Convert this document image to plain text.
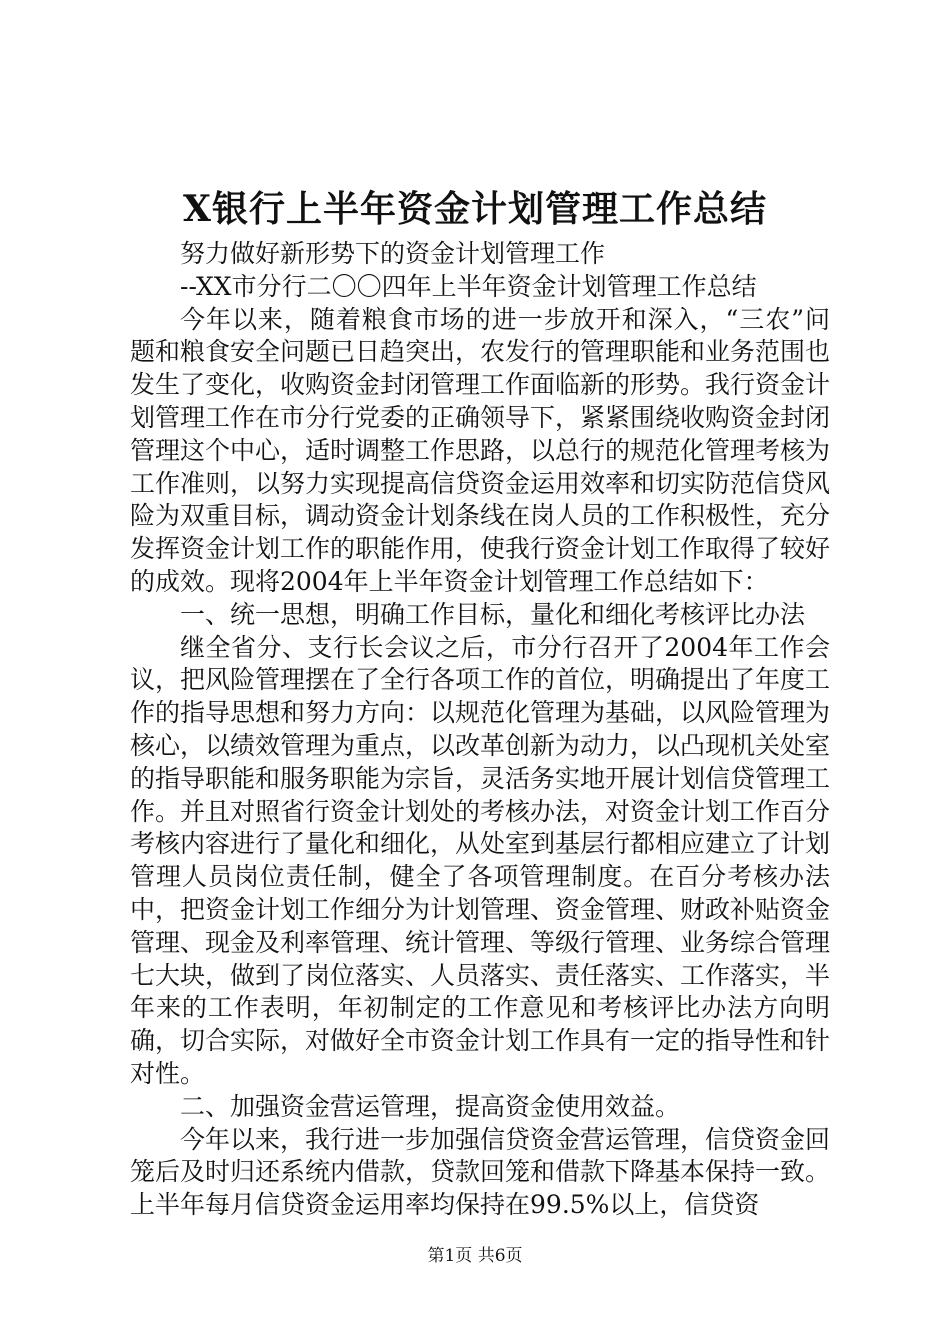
X银行上半年资金计划管理工作总结

努力做好新形势下的资金计划管理工作

--XX市分行二〇〇四年上半年资金计划管理工作总结

今年以来，随着粮食市场的进一步放开和深入，“三农”问题和粮食安全问题已日趋突出，农发行的管理职能和业务范围也发生了变化，收购资金封闭管理工作面临新的形势。我行资金计划管理工作在市分行党委的正确领导下，紧紧围绕收购资金封闭管理这个中心，适时调整工作思路，以总行的规范化管理考核为工作准则，以努力实现提高信贷资金运用效率和切实防范信贷风险为双重目标，调动资金计划条线在岗人员的工作积极性，充分发挥资金计划工作的职能作用，使我行资金计划工作取得了较好的成效。现将2004年上半年资金计划管理工作总结如下：

一、统一思想，明确工作目标，量化和细化考核评比办法

继全省分、支行长会议之后，市分行召开了2004年工作会议，把风险管理摆在了全行各项工作的首位，明确提出了年度工作的指导思想和努力方向：以规范化管理为基础，以风险管理为核心，以绩效管理为重点，以改革创新为动力，以凸现机关处室的指导职能和服务职能为宗旨，灵活务实地开展计划信贷管理工作。并且对照省行资金计划处的考核办法，对资金计划工作百分考核内容进行了量化和细化，从处室到基层行都相应建立了计划管理人员岗位责任制，健全了各项管理制度。在百分考核办法中，把资金计划工作细分为计划管理、资金管理、财政补贴资金管理、现金及利率管理、统计管理、等级行管理、业务综合管理七大块，做到了岗位落实、人员落实、责任落实、工作落实，半年来的工作表明，年初制定的工作意见和考核评比办法方向明确，切合实际，对做好全市资金计划工作具有一定的指导性和针对性。

二、加强资金营运管理，提高资金使用效益。

今年以来，我行进一步加强信贷资金营运管理，信贷资金回笼后及时归还系统内借款，贷款回笼和借款下降基本保持一致。上半年每月信贷资金运用率均保持在99.5%以上，信贷资

第1页 共6页
